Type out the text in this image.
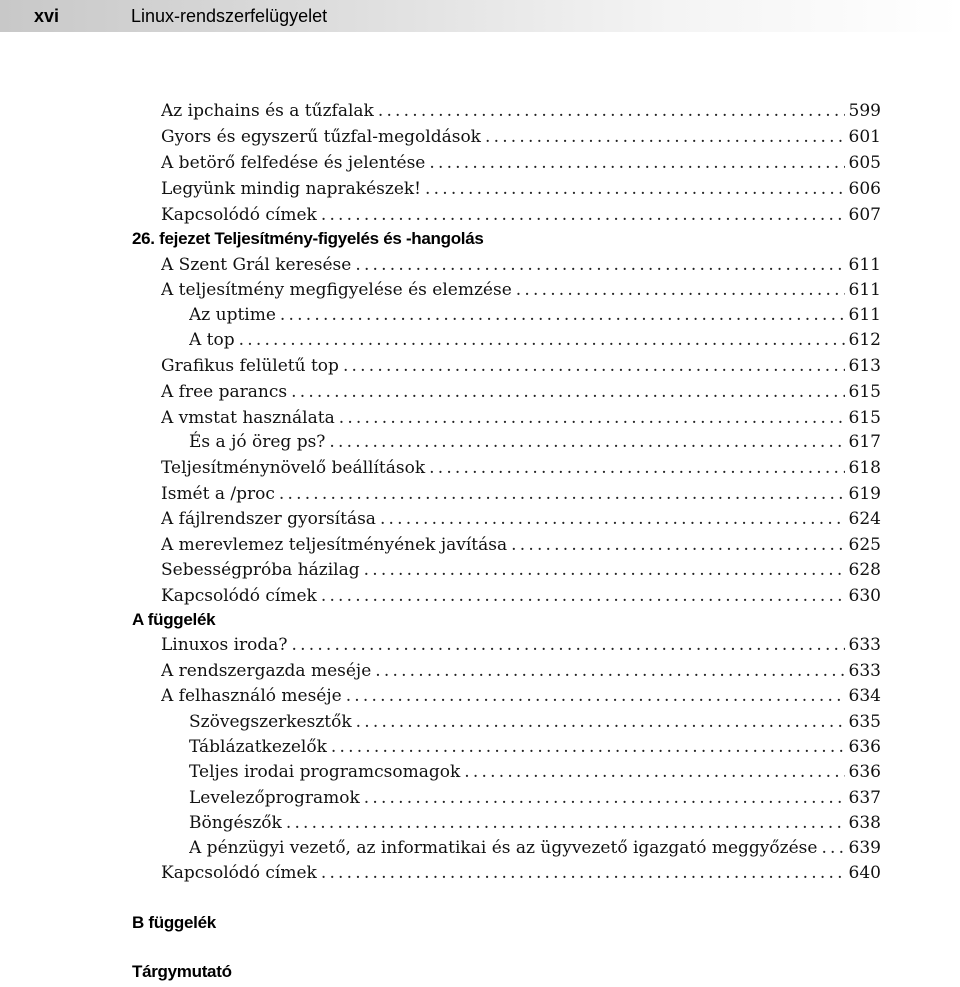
xvi	Linux-rendszerfelügyelet
Az ipchains és a tűzfalak .....	599
Gyors és egyszerű tűzfal-megoldások .....	601
A betörő felfedése és jelentése .....	605
Legyünk mindig naprakészek! .....	606
Kapcsolódó címek .....	607
26. fejezet Teljesítmény-figyelés és -hangolás
A Szent Grál keresése .....	611
A teljesítmény megfigyelése és elemzése .....	611
Az uptime .....	611
A top .....	612
Grafikus felületű top .....	613
A free parancs .....	615
A vmstat használata .....	615
És a jó öreg ps? .....	617
Teljesítménynövelő beállítások .....	618
Ismét a /proc .....	619
A fájlrendszer gyorsítása .....	624
A merevlemez teljesítményének javítása .....	625
Sebességpróba házilag .....	628
Kapcsolódó címek .....	630
A függelék
Linuxos iroda? .....	633
A rendszergazda meséje .....	633
A felhasználó meséje .....	634
Szövegszerkesztők .....	635
Táblázatkezelők .....	636
Teljes irodai programcsomagok .....	636
Levelezőprogramok .....	637
Böngészők .....	638
A pénzügyi vezető, az informatikai és az ügyvezető igazgató meggyőzése ..... 639
Kapcsolódó címek .....	640
B függelék
Tárgymutató
